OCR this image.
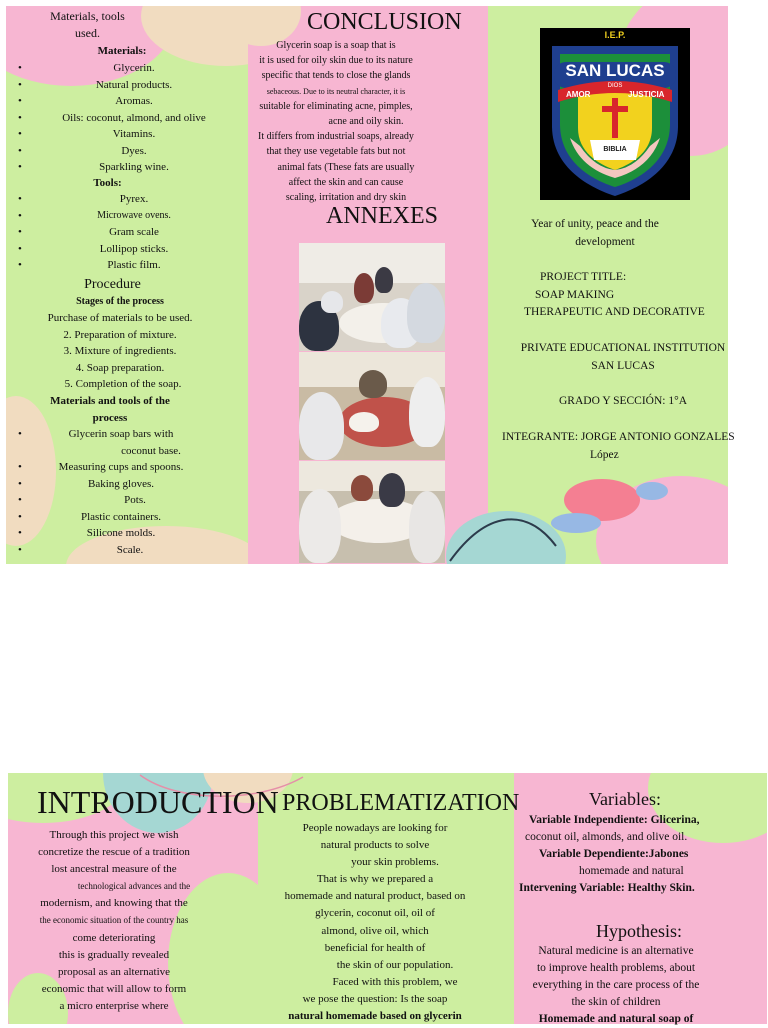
Materials, tools
used.
Materials:
• Glycerin.
• Natural products.
• Aromas.
• Oils: coconut, almond, and olive
• Vitamins.
• Dyes.
• Sparkling wine.
Tools:
• Pyrex.
• Microwave ovens.
• Gram scale
• Lollipop sticks.
• Plastic film.
Procedure
Stages of the process
Purchase of materials to be used.
2. Preparation of mixture.
3. Mixture of ingredients.
4. Soap preparation.
5. Completion of the soap.
Materials and tools of the
process
• Glycerin soap bars with
coconut base.
• Measuring cups and spoons.
• Baking gloves.
• Pots.
• Plastic containers.
• Silicone molds.
• Scale.
CONCLUSION
Glycerin soap is a soap that is
it is used for oily skin due to its nature
specific that tends to close the glands
sebaceous. Due to its neutral character, it is
suitable for eliminating acne, pimples,
acne and oily skin.
It differs from industrial soaps, already
that they use vegetable fats but not
animal fats (These fats are usually
affect the skin and can cause
scaling, irritation and dry skin
ANNEXES
I.E.P.
SAN LUCAS
DIOS
AMOR	JUSTICIA
BIBLIA
Year of unity, peace and the
development
PROJECT TITLE:
SOAP MAKING
THERAPEUTIC AND DECORATIVE
PRIVATE EDUCATIONAL INSTITUTION
SAN LUCAS
GRADO Y SECCIÓN: 1°A
INTEGRANTE: JORGE ANTONIO GONZALES
López
INTRODUCTION
Through this project we wish
concretize the rescue of a tradition
lost ancestral measure of the
technological advances and the
modernism, and knowing that the
the economic situation of the country has
come deteriorating
this is gradually revealed
proposal as an alternative
economic that will allow to form
a micro enterprise where
PROBLEMATIZATION
People nowadays are looking for
natural products to solve
your skin problems.
That is why we prepared a
homemade and natural product, based on
glycerin, coconut oil, oil of
almond, olive oil, which
beneficial for health of
the skin of our population.
Faced with this problem, we
we pose the question: Is the soap
natural homemade based on glycerin
Variables:
Variable Independiente: Glicerina,
coconut oil, almonds, and olive oil.
Variable Dependiente:Jabones
homemade and natural
Intervening Variable: Healthy Skin.
Hypothesis:
Natural medicine is an alternative
to improve health problems, about
everything in the care process of the
the skin of children
Homemade and natural soap of
